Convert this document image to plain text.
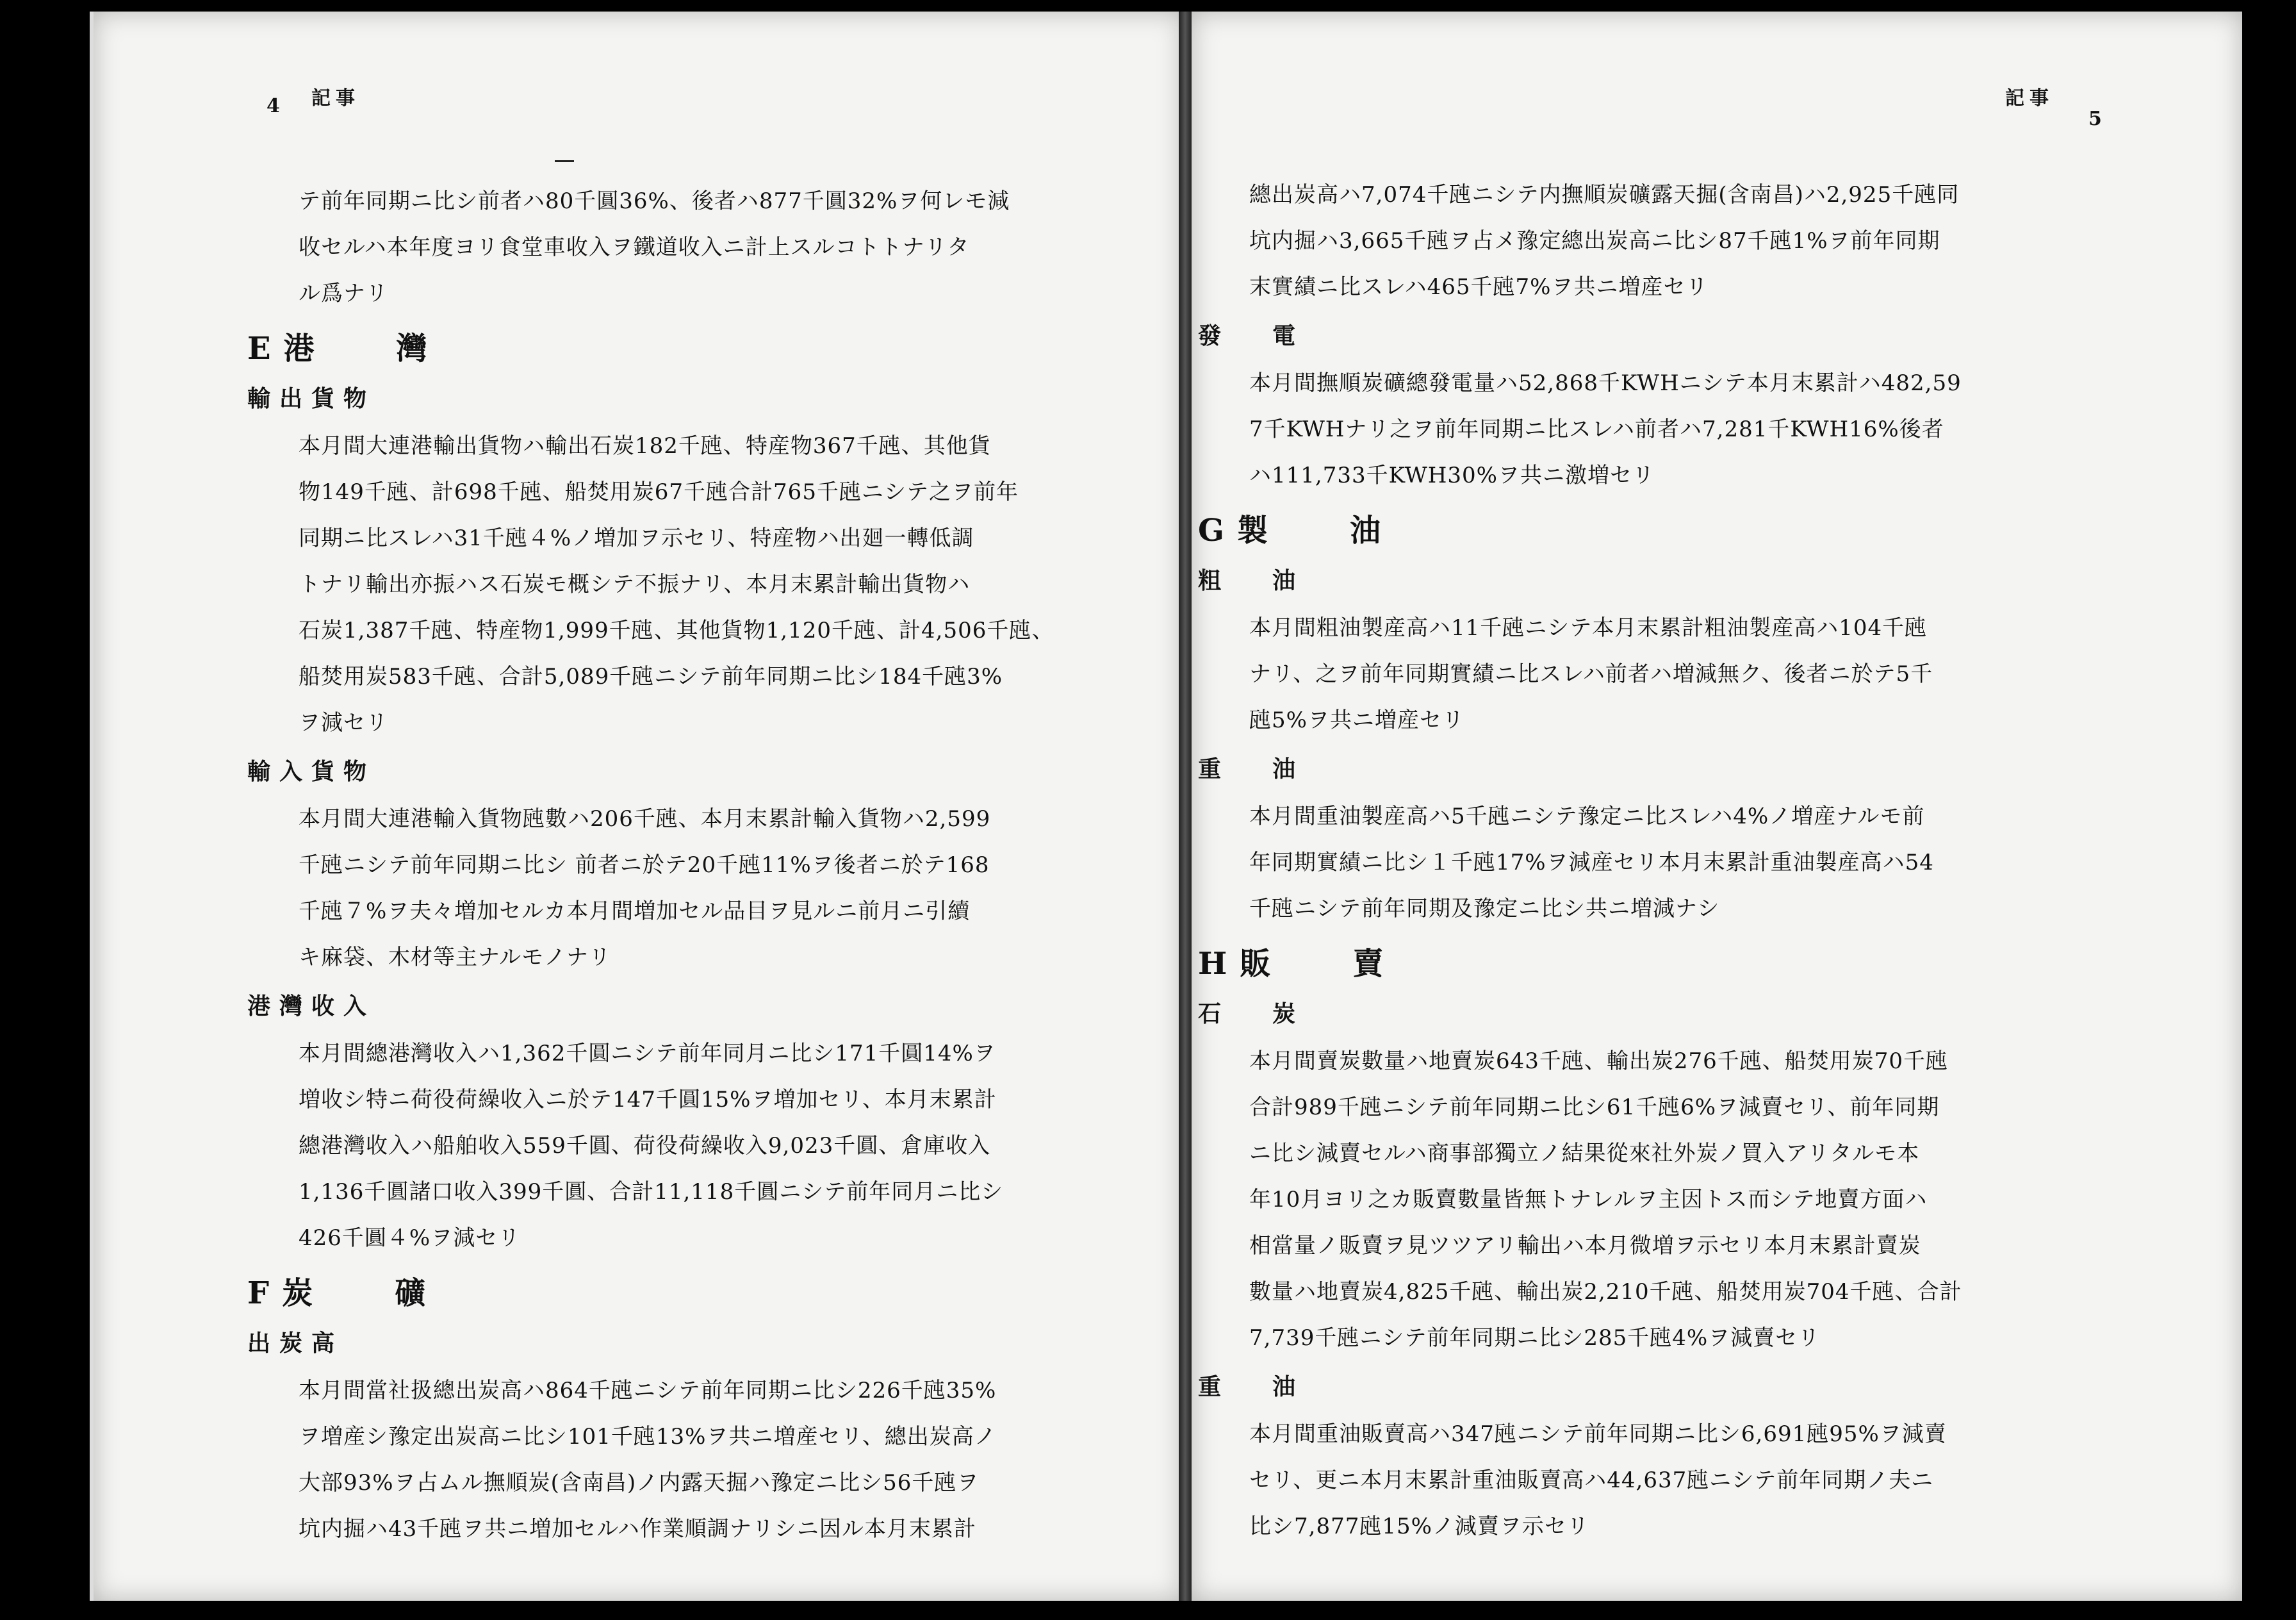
4 記事
テ前年同期ニ比シ前者ハ80千圓36%、後者ハ877千圓32%ヲ何レモ減
收セルハ本年度ヨリ食堂車收入ヲ鐵道收入ニ計上スルコトトナリタ
ル爲ナリ
E港　灣
輸出貨物
本月間大連港輸出貨物ハ輸出石炭182千瓲、特産物367千瓲、其他貨
物149千瓲、計698千瓲、船焚用炭67千瓲合計765千瓲ニシテ之ヲ前年
同期ニ比スレハ31千瓲４%ノ増加ヲ示セリ、特産物ハ出廻一轉低調
トナリ輸出亦振ハス石炭モ概シテ不振ナリ、本月末累計輸出貨物ハ
石炭1,387千瓲、特産物1,999千瓲、其他貨物1,120千瓲、計4,506千瓲、
船焚用炭583千瓲、合計5,089千瓲ニシテ前年同期ニ比シ184千瓲3%
ヲ減セリ
輸入貨物
本月間大連港輸入貨物瓲數ハ206千瓲、本月末累計輸入貨物ハ2,599
千瓲ニシテ前年同期ニ比シ 前者ニ於テ20千瓲11%ヲ後者ニ於テ168
千瓲７%ヲ夫々増加セルカ本月間増加セル品目ヲ見ルニ前月ニ引續
キ麻袋、木材等主ナルモノナリ
港灣收入
本月間總港灣收入ハ1,362千圓ニシテ前年同月ニ比シ171千圓14%ヲ
増收シ特ニ荷役荷繰收入ニ於テ147千圓15%ヲ増加セリ、本月末累計
總港灣收入ハ船舶收入559千圓、荷役荷繰收入9,023千圓、倉庫收入
1,136千圓諸口收入399千圓、合計11,118千圓ニシテ前年同月ニ比シ
426千圓４%ヲ減セリ
F炭　礦
出炭高
本月間當社扱總出炭高ハ864千瓲ニシテ前年同期ニ比シ226千瓲35%
ヲ増産シ豫定出炭高ニ比シ101千瓲13%ヲ共ニ増産セリ、總出炭高ノ
大部93%ヲ占ムル撫順炭(含南昌)ノ内露天掘ハ豫定ニ比シ56千瓲ヲ
坑内掘ハ43千瓲ヲ共ニ増加セルハ作業順調ナリシニ因ル本月末累計
記事
5
總出炭高ハ7,074千瓲ニシテ内撫順炭礦露天掘(含南昌)ハ2,925千瓲同
坑内掘ハ3,665千瓲ヲ占メ豫定總出炭高ニ比シ87千瓲1%ヲ前年同期
末實績ニ比スレハ465千瓲7%ヲ共ニ増産セリ
發電
本月間撫順炭礦總發電量ハ52,868千KWHニシテ本月末累計ハ482,59
7千KWHナリ之ヲ前年同期ニ比スレハ前者ハ7,281千KWH16%後者
ハ111,733千KWH30%ヲ共ニ激増セリ
G製　油
粗油
本月間粗油製産高ハ11千瓲ニシテ本月末累計粗油製産高ハ104千瓲
ナリ、之ヲ前年同期實績ニ比スレハ前者ハ増減無ク、後者ニ於テ5千
瓲5%ヲ共ニ増産セリ
重油
本月間重油製産高ハ5千瓲ニシテ豫定ニ比スレハ4%ノ増産ナルモ前
年同期實績ニ比シ１千瓲17%ヲ減産セリ本月末累計重油製産高ハ54
千瓲ニシテ前年同期及豫定ニ比シ共ニ増減ナシ
H販　賣
石炭
本月間賣炭數量ハ地賣炭643千瓲、輸出炭276千瓲、船焚用炭70千瓲
合計989千瓲ニシテ前年同期ニ比シ61千瓲6%ヲ減賣セリ、前年同期
ニ比シ減賣セルハ商事部獨立ノ結果從來社外炭ノ買入アリタルモ本
年10月ヨリ之カ販賣數量皆無トナレルヲ主因トス而シテ地賣方面ハ
相當量ノ販賣ヲ見ツツアリ輸出ハ本月微増ヲ示セリ本月末累計賣炭
數量ハ地賣炭4,825千瓲、輸出炭2,210千瓲、船焚用炭704千瓲、合計
7,739千瓲ニシテ前年同期ニ比シ285千瓲4%ヲ減賣セリ
重油
本月間重油販賣高ハ347瓲ニシテ前年同期ニ比シ6,691瓲95%ヲ減賣
セリ、更ニ本月末累計重油販賣高ハ44,637瓲ニシテ前年同期ノ夫ニ
比シ7,877瓲15%ノ減賣ヲ示セリ
